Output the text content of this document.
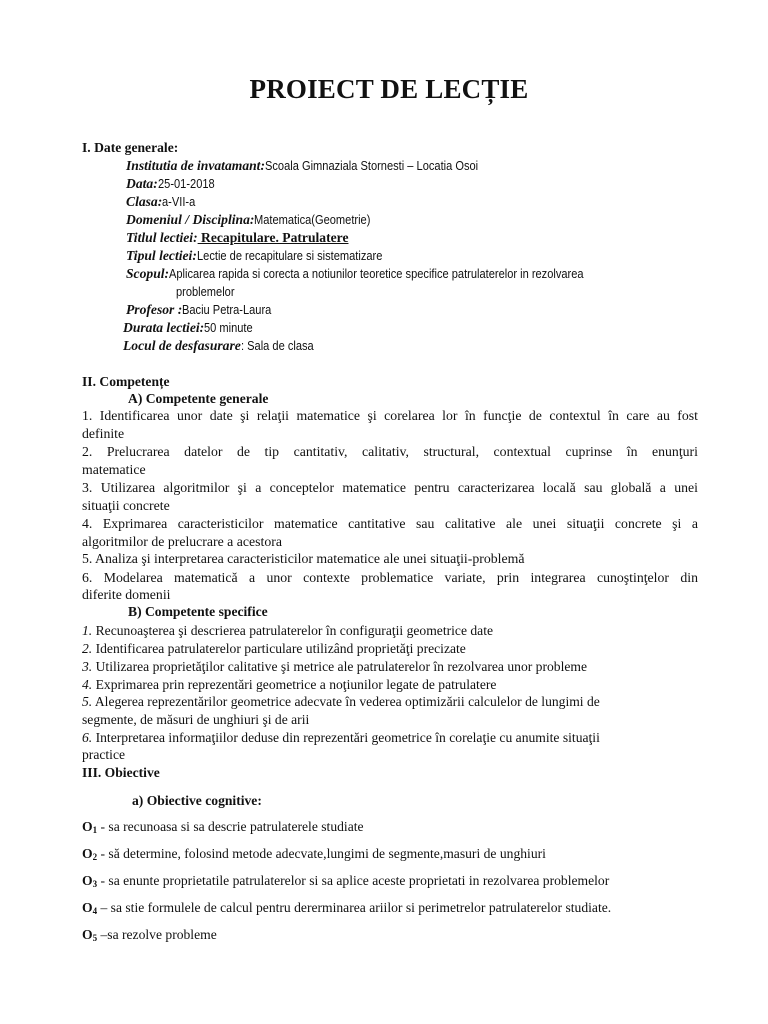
PROIECT DE LECȚIE
I. Date generale:
Institutia de invatamant:Scoala Gimnaziala Stornesti – Locatia Osoi
Data:25-01-2018
Clasa:a-VII-a
Domeniul / Disciplina:Matematica(Geometrie)
Titlul lectiei: Recapitulare. Patrulatere
Tipul lectiei:Lectie de recapitulare si sistematizare
Scopul:Aplicarea rapida si corecta a notiunilor teoretice specifice patrulaterelor in rezolvarea
problemelor
Profesor :Baciu Petra-Laura
Durata lectiei:50 minute
Locul de desfasurare: Sala de clasa
II. Competențe
A) Competente generale
1. Identificarea unor date şi relaţii matematice şi corelarea lor în funcţie de contextul în care au fost
definite
2. Prelucrarea datelor de tip cantitativ, calitativ, structural, contextual cuprinse în enunţuri
matematice
3. Utilizarea algoritmilor şi a conceptelor matematice pentru caracterizarea locală sau globală a unei
situaţii concrete
4. Exprimarea caracteristicilor matematice cantitative sau calitative ale unei situaţii concrete şi a
algoritmilor de prelucrare a acestora
5. Analiza şi interpretarea caracteristicilor matematice ale unei situaţii-problemă
6. Modelarea matematică a unor contexte problematice variate, prin integrarea cunoştinţelor din
diferite domenii
B) Competente specifice
1. Recunoaşterea şi descrierea patrulaterelor în configuraţii geometrice date
2. Identificarea patrulaterelor particulare utilizând proprietăţi precizate
3. Utilizarea proprietăţilor calitative şi metrice ale patrulaterelor în rezolvarea unor probleme
4. Exprimarea prin reprezentări geometrice a noţiunilor legate de patrulatere
5. Alegerea reprezentărilor geometrice adecvate în vederea optimizării calculelor de lungimi de
segmente, de măsuri de unghiuri şi de arii
6. Interpretarea informaţiilor deduse din reprezentări geometrice în corelaţie cu anumite situaţii
practice
III. Obiective
a) Obiective cognitive:
$O_1$ - sa recunoasa si sa descrie patrulaterele studiate
$O_2$ - să determine, folosind metode adecvate,lungimi de segmente,masuri de unghiuri
$O_3$ - sa enunte proprietatile patrulaterelor si sa aplice aceste proprietati in rezolvarea problemelor
$O_4$ – sa stie formulele de calcul pentru dererminarea ariilor si perimetrelor patrulaterelor studiate.
$O_5$ –sa rezolve probleme
